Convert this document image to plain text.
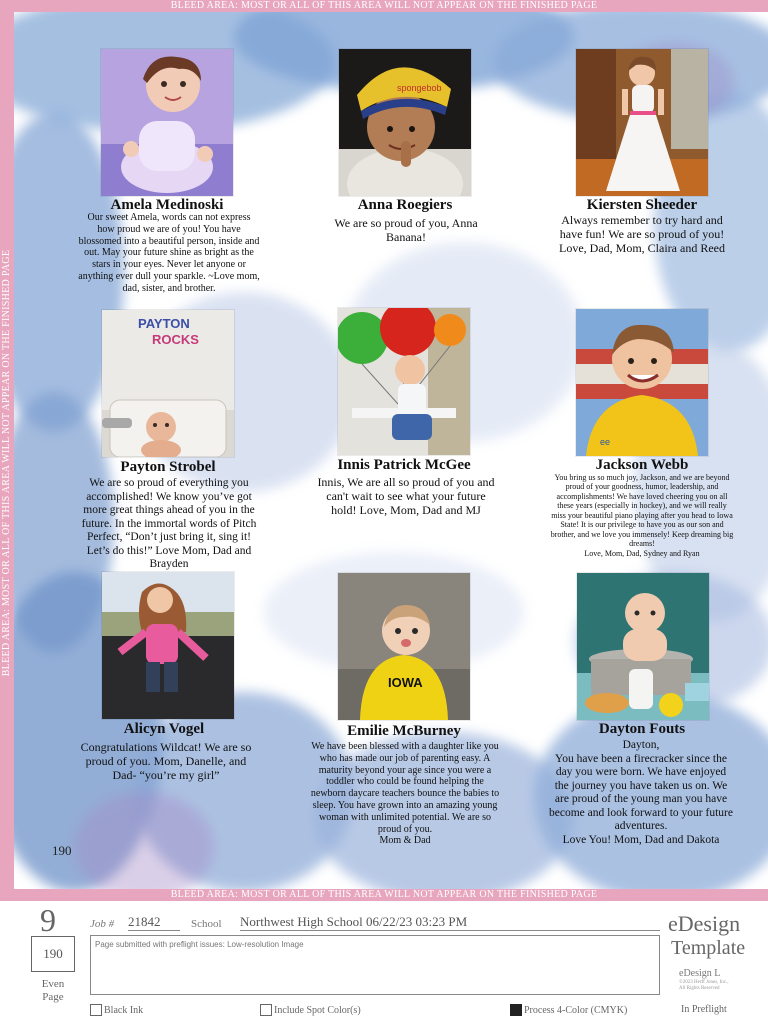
BLEED AREA: MOST OR ALL OF THIS AREA WILL NOT APPEAR ON THE FINISHED PAGE
BLEED AREA: MOST OR ALL OF THIS AREA WILL NOT APPEAR ON THE FINISHED PAGE
BLEED AREA: MOST OR ALL OF THIS AREA WILL NOT APPEAR ON THE FINISHED PAGE
spongebob
Amela Medinoski
Our sweet Amela, words can not express how proud we are of you! You have blossomed into a beautiful person, inside and out. May your future shine as bright as the stars in your eyes. Never let anyone or anything ever dull your sparkle. ~Love mom, dad, sister, and brother.
Anna Roegiers
We are so proud of you, Anna Banana!
Kiersten Sheeder
Always remember to try hard and have fun! We are so proud of you!
Love, Dad, Mom, Claira and Reed
PAYTON
ROCKS
ee
Payton Strobel
We are so proud of everything you accomplished! We know you’ve got more great things ahead of you in the future. In the immortal words of Pitch Perfect, “Don’t just bring it, sing it! Let’s do this!” Love Mom, Dad and Brayden
Innis Patrick McGee
Innis, We are all so proud of you and can't wait to see what your future hold! Love, Mom, Dad and MJ
Jackson Webb
You bring us so much joy, Jackson, and we are beyond proud of your goodness, humor, leadership, and accomplishments! We have loved cheering you on all these years (especially in hockey), and we will really miss your beautiful piano playing after you head to Iowa State! It is our privilege to have you as our son and brother, and we love you immensely! Keep dreaming big dreams!
Love, Mom, Dad, Sydney and Ryan
IOWA
Alicyn Vogel
Congratulations Wildcat! We are so proud of you. Mom, Danelle, and Dad- “you’re my girl”
Emilie McBurney
We have been blessed with a daughter like you who has made our job of parenting easy. A maturity beyond your age since you were a toddler who could be found helping the newborn daycare teachers bounce the babies to sleep. You have grown into an amazing young woman with unlimited potential. We are so proud of you.
Mom & Dad
Dayton Fouts
Dayton,
You have been a firecracker since the day you were born. We have enjoyed the journey you have taken us on. We are proud of the young man you have become and look forward to your future adventures.
Love You! Mom, Dad and Dakota
190
9
190
Even
Page
Job # 21842	School Northwest High School 06/22/23 03:23 PM
Page submitted with preflight issues: Low-resolution Image
eDesign
Template
eDesign L
©2023 Herff Jones, Inc.,
All Rights Reserved
In Preflight
Black Ink	Include Spot Color(s)	Process 4-Color (CMYK)
